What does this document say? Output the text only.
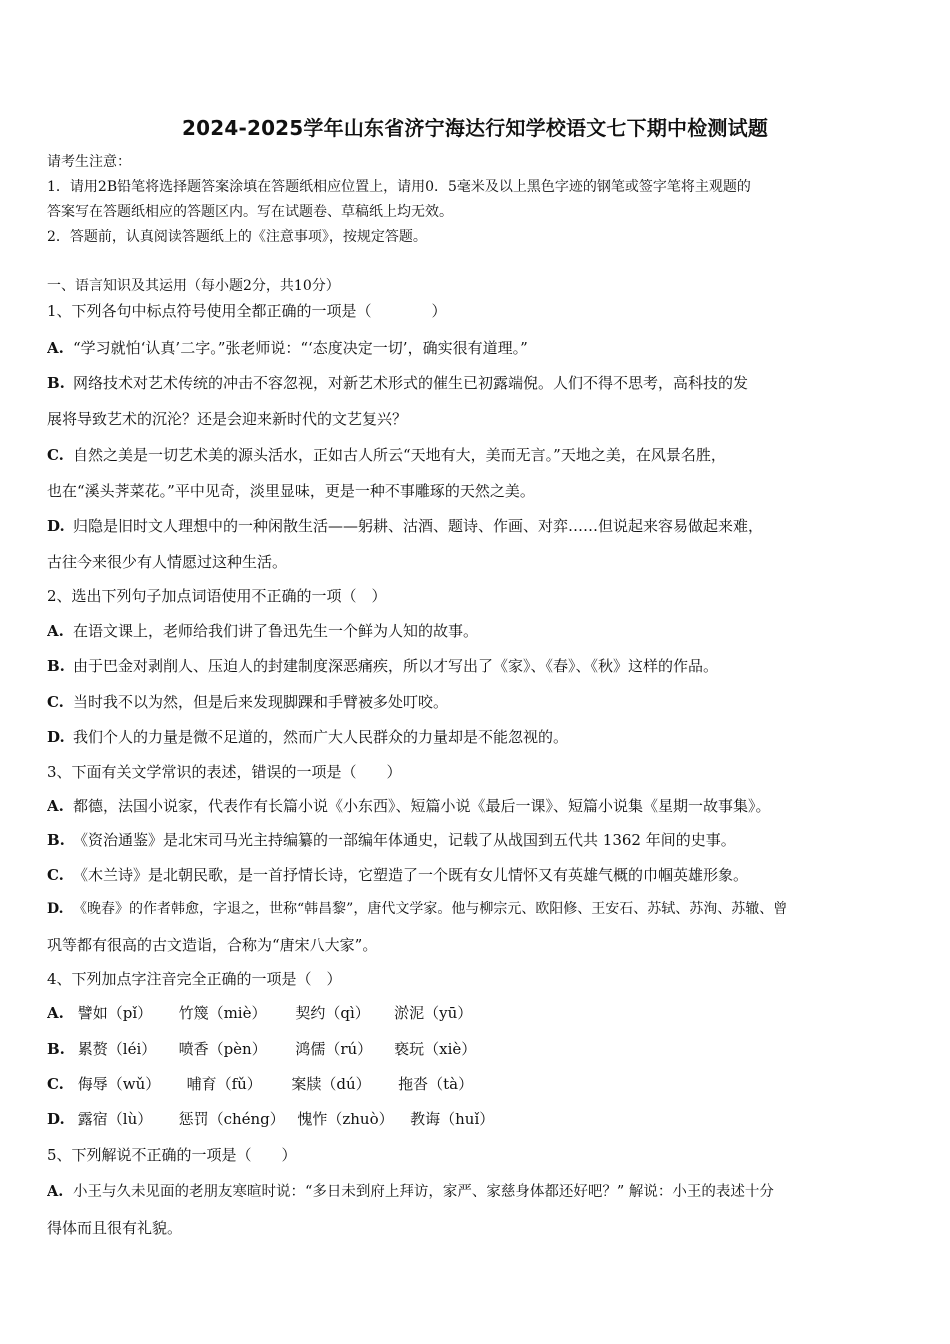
2024-2025学年山东省济宁海达行知学校语文七下期中检测试题
请考生注意：
1．请用2B铅笔将选择题答案涂填在答题纸相应位置上，请用0．5毫米及以上黑色字迹的钢笔或签字笔将主观题的
答案写在答题纸相应的答题区内。写在试题卷、草稿纸上均无效。
2．答题前，认真阅读答题纸上的《注意事项》，按规定答题。
一、语言知识及其运用（每小题2分，共10分）
1、下列各句中标点符号使用全都正确的一项是（　　　　）
A. “学习就怕‘认真’二字。”张老师说：“‘态度决定一切’，确实很有道理。”
B. 网络技术对艺术传统的冲击不容忽视，对新艺术形式的催生已初露端倪。人们不得不思考，高科技的发
展将导致艺术的沉沦？还是会迎来新时代的文艺复兴？
C. 自然之美是一切艺术美的源头活水，正如古人所云“天地有大，美而无言。”天地之美，在风景名胜，
也在“溪头荠菜花。”平中见奇，淡里显味，更是一种不事雕琢的天然之美。
D. 归隐是旧时文人理想中的一种闲散生活——躬耕、沽酒、题诗、作画、对弈……但说起来容易做起来难，
古往今来很少有人情愿过这种生活。
2、选出下列句子加点词语使用不正确的一项（　）
A. 在语文课上，老师给我们讲了鲁迅先生一个鲜为人知的故事。
B. 由于巴金对剥削人、压迫人的封建制度深恶痛疾，所以才写出了《家》、《春》、《秋》这样的作品。
C. 当时我不以为然，但是后来发现脚踝和手臂被多处叮咬。
D. 我们个人的力量是微不足道的，然而广大人民群众的力量却是不能忽视的。
3、下面有关文学常识的表述，错误的一项是（　　）
A. 都德，法国小说家，代表作有长篇小说《小东西》、短篇小说《最后一课》、短篇小说集《星期一故事集》。
B. 《资治通鉴》是北宋司马光主持编纂的一部编年体通史，记载了从战国到五代共 1362 年间的史事。
C. 《木兰诗》是北朝民歌，是一首抒情长诗，它塑造了一个既有女儿情怀又有英雄气概的巾帼英雄形象。
D. 《晚春》的作者韩愈，字退之，世称“韩昌黎”，唐代文学家。他与柳宗元、欧阳修、王安石、苏轼、苏洵、苏辙、曾
巩等都有很高的古文造诣，合称为“唐宋八大家”。
4、下列加点字注音完全正确的一项是（　）
A. 譬如（pǐ） 竹篾（miè） 契约（qì） 淤泥（yū）
B. 累赘（léi） 喷香（pèn） 鸿儒（rú） 亵玩（xiè）
C. 侮辱（wǔ） 哺育（fǔ） 案牍（dú） 拖沓（tà）
D. 露宿（lù） 惩罚（chéng） 愧怍（zhuò） 教诲（huǐ）
5、下列解说不正确的一项是（　　）
A. 小王与久未见面的老朋友寒暄时说：“多日未到府上拜访，家严、家慈身体都还好吧？” 解说：小王的表述十分
得体而且很有礼貌。
